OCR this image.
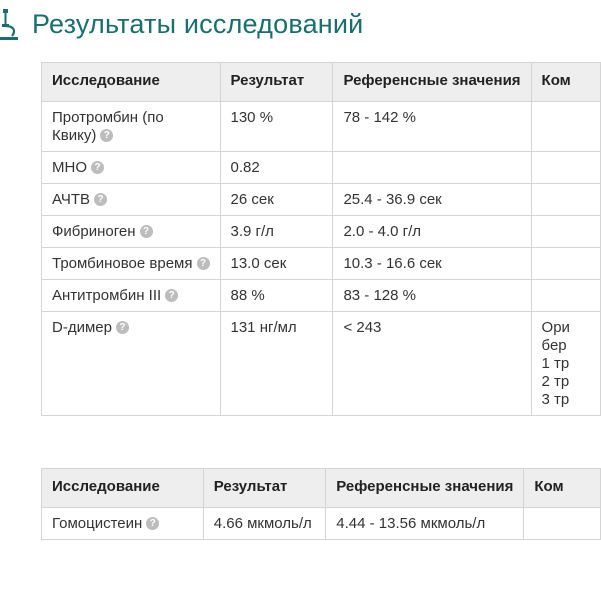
Результаты исследований
Исследование	Результат	Референсные значения	Ком
Протромбин (по Квику) ?	130 %	78 - 142 %	
МНО ?	0.82		
АЧТВ ?	26 сек	25.4 - 36.9 сек	
Фибриноген ?	3.9 г/л	2.0 - 4.0 г/л	
Тромбиновое время ?	13.0 сек	10.3 - 16.6 сек	
Антитромбин III ?	88 %	83 - 128 %	
D-димер ?	131 нг/мл	< 243	Ори
бер
1 тр
2 тр
3 тр
Исследование	Результат	Референсные значения	Ком
Гомоцистеин ?	4.66 мкмоль/л	4.44 - 13.56 мкмоль/л	
